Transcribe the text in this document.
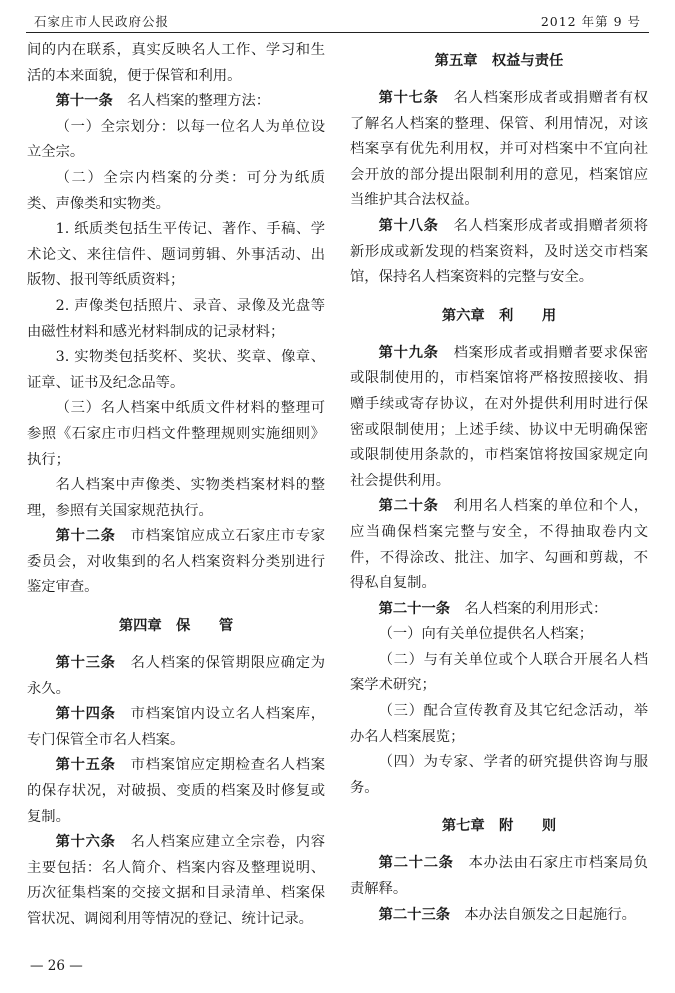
石家庄市人民政府公报	2012 年第 9 号

间的内在联系，真实反映名人工作、学习和生活的本来面貌，便于保管和利用。

第十一条　 名人档案的整理方法：

（一）全宗划分：以每一位名人为单位设立全宗。

（二）全宗内档案的分类：可分为纸质类、声像类和实物类。

1. 纸质类包括生平传记、著作、手稿、学术论文、来往信件、题词剪辑、外事活动、出版物、报刊等纸质资料；

2. 声像类包括照片、录音、录像及光盘等由磁性材料和感光材料制成的记录材料；

3. 实物类包括奖杯、奖状、奖章、像章、证章、证书及纪念品等。

（三）名人档案中纸质文件材料的整理可参照《石家庄市归档文件整理规则实施细则》执行；

名人档案中声像类、实物类档案材料的整理，参照有关国家规范执行。

第十二条　 市档案馆应成立石家庄市专家委员会，对收集到的名人档案资料分类别进行鉴定审查。

第四章　保　　管

第十三条　 名人档案的保管期限应确定为永久。

第十四条　 市档案馆内设立名人档案库，专门保管全市名人档案。

第十五条　 市档案馆应定期检查名人档案的保存状况，对破损、变质的档案及时修复或复制。

第十六条　 名人档案应建立全宗卷，内容主要包括：名人简介、档案内容及整理说明、历次征集档案的交接文据和目录清单、档案保管状况、调阅利用等情况的登记、统计记录。

第五章　权益与责任

第十七条　 名人档案形成者或捐赠者有权了解名人档案的整理、保管、利用情况，对该档案享有优先利用权，并可对档案中不宜向社会开放的部分提出限制利用的意见，档案馆应当维护其合法权益。

第十八条　 名人档案形成者或捐赠者须将新形成或新发现的档案资料，及时送交市档案馆，保持名人档案资料的完整与安全。

第六章　利　　用

第十九条　 档案形成者或捐赠者要求保密或限制使用的，市档案馆将严格按照接收、捐赠手续或寄存协议，在对外提供利用时进行保密或限制使用；上述手续、协议中无明确保密或限制使用条款的，市档案馆将按国家规定向社会提供利用。

第二十条　 利用名人档案的单位和个人，应当确保档案完整与安全，不得抽取卷内文件，不得涂改、批注、加字、勾画和剪裁，不得私自复制。

第二十一条　 名人档案的利用形式：

（一）向有关单位提供名人档案；

（二）与有关单位或个人联合开展名人档案学术研究；

（三）配合宣传教育及其它纪念活动，举办名人档案展览；

（四）为专家、学者的研究提供咨询与服务。

第七章　附　　则

第二十二条　 本办法由石家庄市档案局负责解释。

第二十三条　 本办法自颁发之日起施行。

— 26 —
